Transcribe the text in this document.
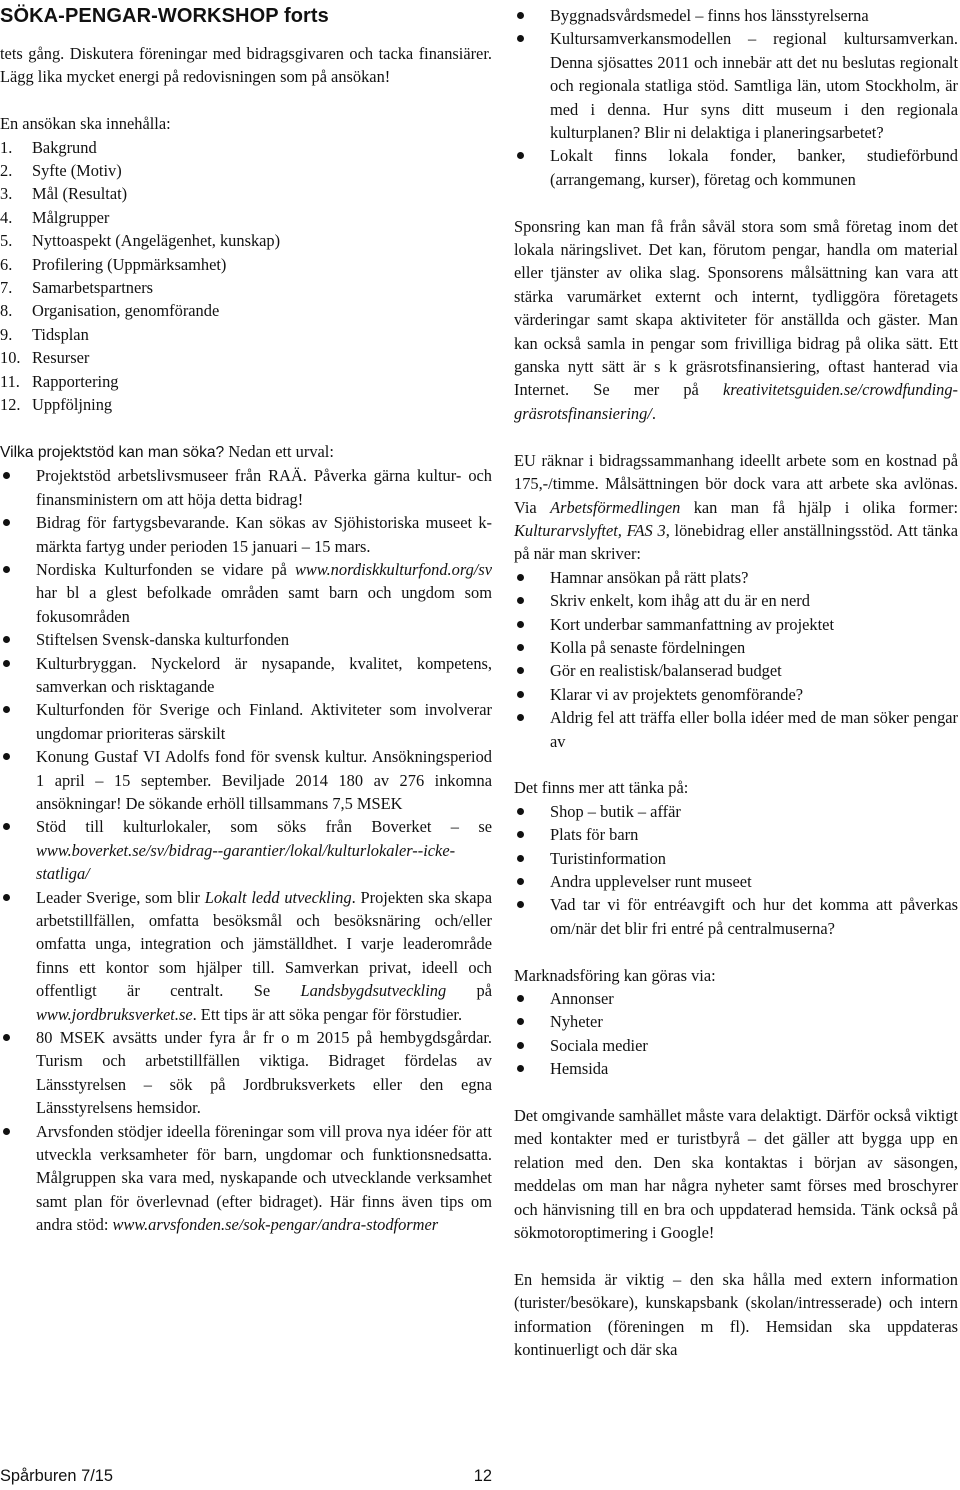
SÖKA-PENGAR-WORKSHOP forts

tets gång. Diskutera föreningar med bidragsgivaren och tacka finansiärer. Lägg lika mycket energi på redovisningen som på ansökan!

En ansökan ska innehålla:

1.	Bakgrund
2.	Syfte (Motiv)
3.	Mål (Resultat)
4.	Målgrupper
5.	Nyttoaspekt (Angelägenhet, kunskap)
6.	Profilering (Uppmärksamhet)
7.	Samarbetspartners
8.	Organisation, genomförande
9.	Tidsplan
10. Resurser
11. Rapportering
12. Uppföljning

Vilka projektstöd kan man söka? Nedan ett urval:

Projektstöd arbetslivsmuseer från RAÄ. Påverka gärna kultur- och finansministern om att höja detta bidrag!
Bidrag för fartygsbevarande. Kan sökas av Sjöhistoriska museet k-märkta fartyg under perioden 15 januari – 15 mars.
Nordiska Kulturfonden se vidare på www.nordiskkulturfond.org/sv har bl a glest befolkade områden samt barn och ungdom som fokusområden
Stiftelsen Svensk-danska kulturfonden
Kulturbryggan. Nyckelord är nysapande, kvalitet, kompetens, samverkan och risktagande
Kulturfonden för Sverige och Finland. Aktiviteter som involverar ungdomar prioriteras särskilt
Konung Gustaf VI Adolfs fond för svensk kultur. Ansökningsperiod 1 april – 15 september. Beviljade 2014 180 av 276 inkomna ansökningar! De sökande erhöll tillsammans 7,5 MSEK
Stöd till kulturlokaler, som söks från Boverket – se www.boverket.se/sv/bidrag--garantier/lokal/kulturlokaler--icke-statliga/
Leader Sverige, som blir Lokalt ledd utveckling. Projekten ska skapa arbetstillfällen, omfatta besöksmål och besöksnäring och/eller omfatta unga, integration och jämställdhet. I varje leaderområde finns ett kontor som hjälper till. Samverkan privat, ideell och offentligt är centralt. Se Landsbygdsutveckling på www.jordbruksverket.se. Ett tips är att söka pengar för förstudier.
80 MSEK avsätts under fyra år fr o m 2015 på hembygdsgårdar. Turism och arbetstillfällen viktiga. Bidraget fördelas av Länsstyrelsen – sök på Jordbruksverkets eller den egna Länsstyrelsens hemsidor.
Arvsfonden stödjer ideella föreningar som vill prova nya idéer för att utveckla verksamheter för barn, ungdomar och funktionsnedsatta. Målgruppen ska vara med, nyskapande och utvecklande verksamhet samt plan för överlevnad (efter bidraget). Här finns även tips om andra stöd: www.arvsfonden.se/sok-pengar/andra-stodformer
Byggnadsvårdsmedel – finns hos länsstyrelserna
Kultursamverkansmodellen – regional kultursamverkan. Denna sjösattes 2011 och innebär att det nu beslutas regionalt och regionala statliga stöd. Samtliga län, utom Stockholm, är med i denna. Hur syns ditt museum i den regionala kulturplanen? Blir ni delaktiga i planeringsarbetet?
Lokalt finns lokala fonder, banker, studieförbund (arrangemang, kurser), företag och kommunen

Sponsring kan man få från såväl stora som små företag inom det lokala näringslivet. Det kan, förutom pengar, handla om material eller tjänster av olika slag. Sponsorens målsättning kan vara att stärka varumärket externt och internt, tydliggöra företagets värderingar samt skapa aktiviteter för anställda och gäster. Man kan också samla in pengar som frivilliga bidrag på olika sätt. Ett ganska nytt sätt är s k gräsrotsfinansiering, oftast hanterad via Internet. Se mer på kreativitetsguiden.se/crowdfunding-gräsrotsfinansiering/.

EU räknar i bidragssammanhang ideellt arbete som en kostnad på 175,-/timme. Målsättningen bör dock vara att arbete ska avlönas. Via Arbetsförmedlingen kan man få hjälp i olika former: Kulturarvslyftet, FAS 3, lönebidrag eller anställningsstöd. Att tänka på när man skriver:

Hamnar ansökan på rätt plats?
Skriv enkelt, kom ihåg att du är en nerd
Kort underbar sammanfattning av projektet
Kolla på senaste fördelningen
Gör en realistisk/balanserad budget
Klarar vi av projektets genomförande?
Aldrig fel att träffa eller bolla idéer med de man söker pengar av

Det finns mer att tänka på:

Shop – butik – affär
Plats för barn
Turistinformation
Andra upplevelser runt museet
Vad tar vi för entréavgift och hur det komma att påverkas om/när det blir fri entré på centralmuserna?

Marknadsföring kan göras via:

Annonser
Nyheter
Sociala medier
Hemsida

Det omgivande samhället måste vara delaktigt. Därför också viktigt med kontakter med er turistbyrå – det gäller att bygga upp en relation med den. Den ska kontaktas i början av säsongen, meddelas om man har några nyheter samt förses med broschyrer och hänvisning till en bra och uppdaterad hemsida. Tänk också på sökmotoroptimering i Google!

En hemsida är viktig – den ska hålla med extern information (turister/besökare), kunskapsbank (skolan/intresserade) och intern information (föreningen m fl). Hemsidan ska uppdateras kontinuerligt och där ska

Spårburen 7/15	12
